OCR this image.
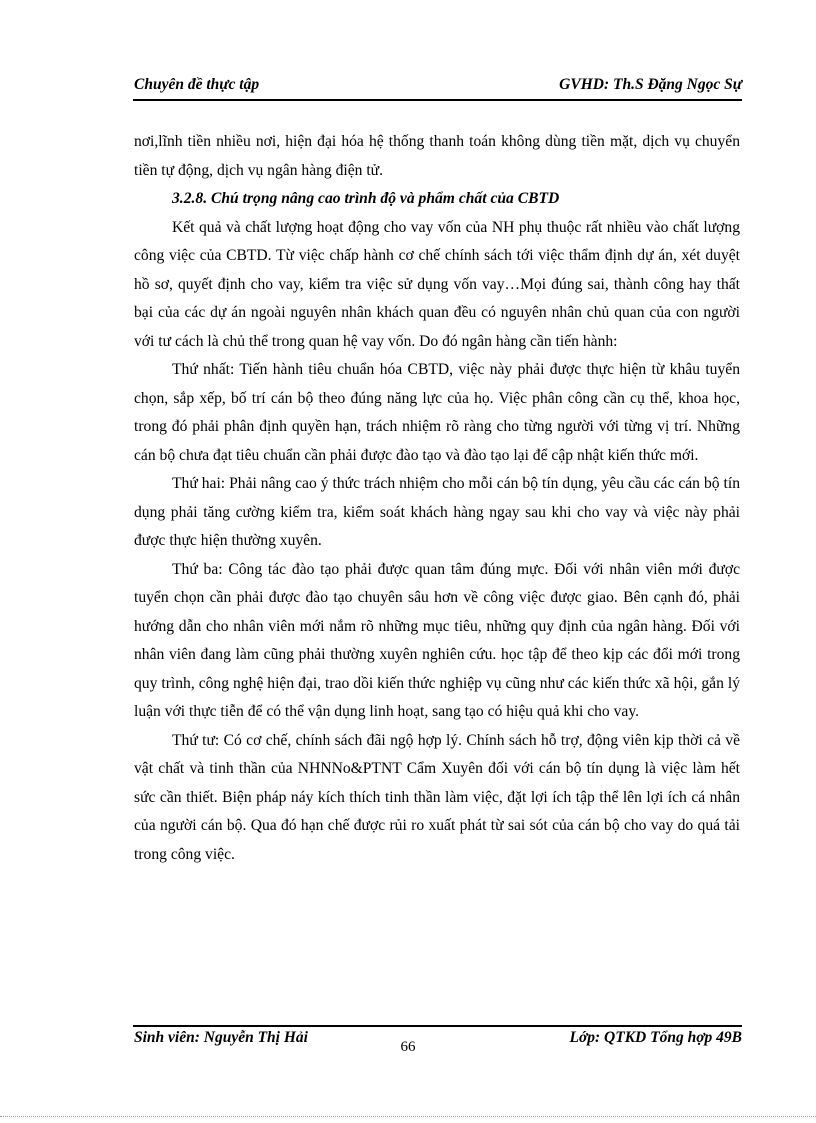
Chuyên đề thực tập	GVHD: Th.S Đặng Ngọc Sự

nơi,lĩnh tiền nhiều nơi, hiện đại hóa hệ thống thanh toán không dùng tiền mặt, dịch vụ chuyển tiền tự động, dịch vụ ngân hàng điện tử.

3.2.8. Chú trọng nâng cao trình độ và phẩm chất của CBTD

Kết quả và chất lượng hoạt động cho vay vốn của NH phụ thuộc rất nhiều vào chất lượng công việc của CBTD. Từ việc chấp hành cơ chế chính sách tới việc thẩm định dự án, xét duyệt hồ sơ, quyết định cho vay, kiểm tra việc sử dụng vốn vay…Mọi đúng sai, thành công hay thất bại của các dự án ngoài nguyên nhân khách quan đều có nguyên nhân chủ quan của con người với tư cách là chủ thể trong quan hệ vay vốn. Do đó ngân hàng cần tiến hành:

Thứ nhất: Tiến hành tiêu chuẩn hóa CBTD, việc này phải được thực hiện từ khâu tuyển chọn, sắp xếp, bố trí cán bộ theo đúng năng lực của họ. Việc phân công cần cụ thể, khoa học, trong đó phải phân định quyền hạn, trách nhiệm rõ ràng cho từng người với từng vị trí. Những cán bộ chưa đạt tiêu chuẩn cần phải được đào tạo và đào tạo lại để cập nhật kiến thức mới.

Thứ hai: Phải nâng cao ý thức trách nhiệm cho mỗi cán bộ tín dụng, yêu cầu các cán bộ tín dụng phải tăng cường kiểm tra, kiểm soát khách hàng ngay sau khi cho vay và việc này phải được thực hiện thường xuyên.

Thứ ba: Công tác đào tạo phải được quan tâm đúng mực. Đối với nhân viên mới được tuyển chọn cần phải được đào tạo chuyên sâu hơn về công việc được giao. Bên cạnh đó, phải hướng dẫn cho nhân viên mới nắm rõ những mục tiêu, những quy định của ngân hàng. Đối với nhân viên đang làm cũng phải thường xuyên nghiên cứu. học tập để theo kịp các đổi mới trong quy trình, công nghệ hiện đại, trao dồi kiến thức nghiệp vụ cũng như các kiến thức xã hội, gắn lý luận với thực tiễn để có thể vận dụng linh hoạt, sang tạo có hiệu quả khi cho vay.

Thứ tư: Có cơ chế, chính sách đãi ngộ hợp lý. Chính sách hỗ trợ, động viên kịp thời cả về vật chất và tinh thần của NHNNo&PTNT Cẩm Xuyên đối với cán bộ tín dụng là việc làm hết sức cần thiết. Biện pháp náy kích thích tinh thần làm việc, đặt lợi ích tập thể lên lợi ích cá nhân của người cán bộ. Qua đó hạn chế được rủi ro xuất phát từ sai sót của cán bộ cho vay do quá tải trong công việc.

Sinh viên: Nguyễn Thị Hải	Lớp: QTKD Tổng hợp 49B
66
